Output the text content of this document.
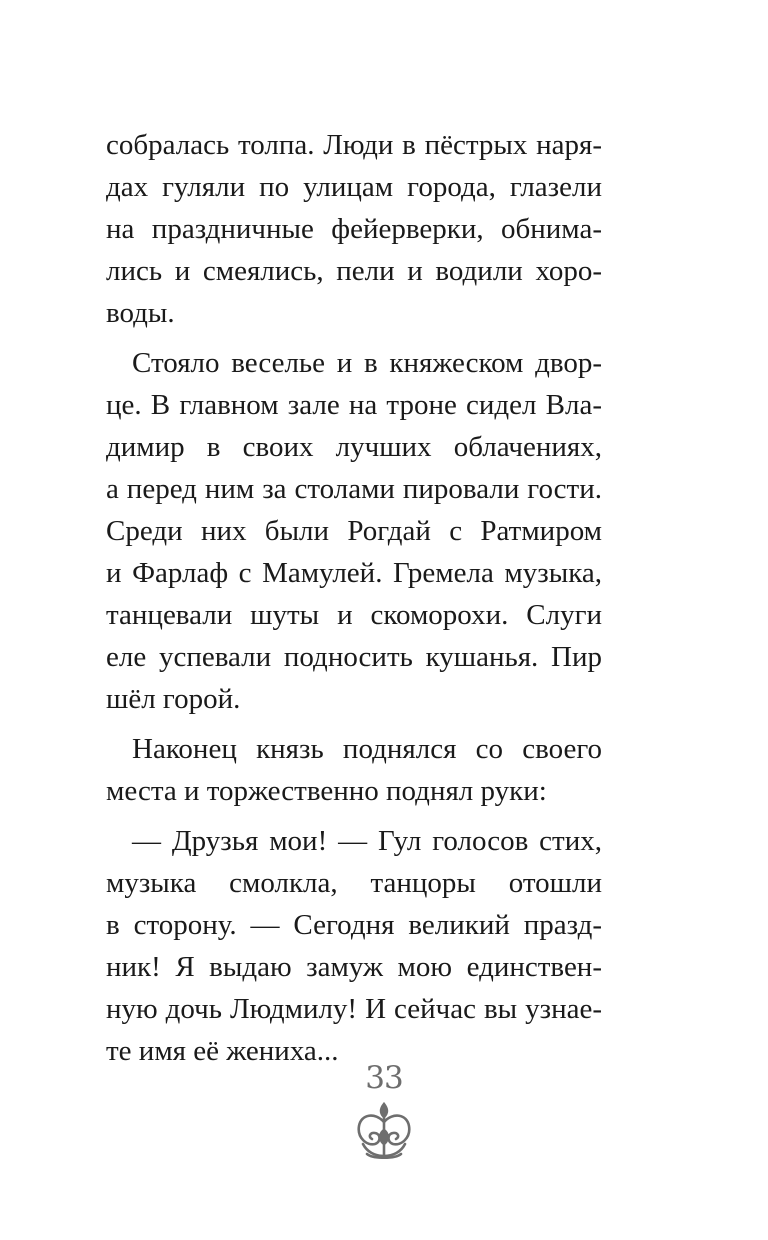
собралась толпа. Люди в пёстрых наря-
дах гуляли по улицам города, глазели
на праздничные фейерверки, обнима-
лись и смеялись, пели и водили хоро-
воды.
Стояло веселье и в княжеском двор-
це. В главном зале на троне сидел Вла-
димир в своих лучших облачениях,
а перед ним за столами пировали гости.
Среди них были Рогдай с Ратмиром
и Фарлаф с Мамулей. Гремела музыка,
танцевали шуты и скоморохи. Слуги
еле успевали подносить кушанья. Пир
шёл горой.
Наконец князь поднялся со своего
места и торжественно поднял руки:
— Друзья мои! — Гул голосов стих,
музыка смолкла, танцоры отошли
в сторону. — Сегодня великий празд-
ник! Я выдаю замуж мою единствен-
ную дочь Людмилу! И сейчас вы узнае-
те имя её жениха...
33
